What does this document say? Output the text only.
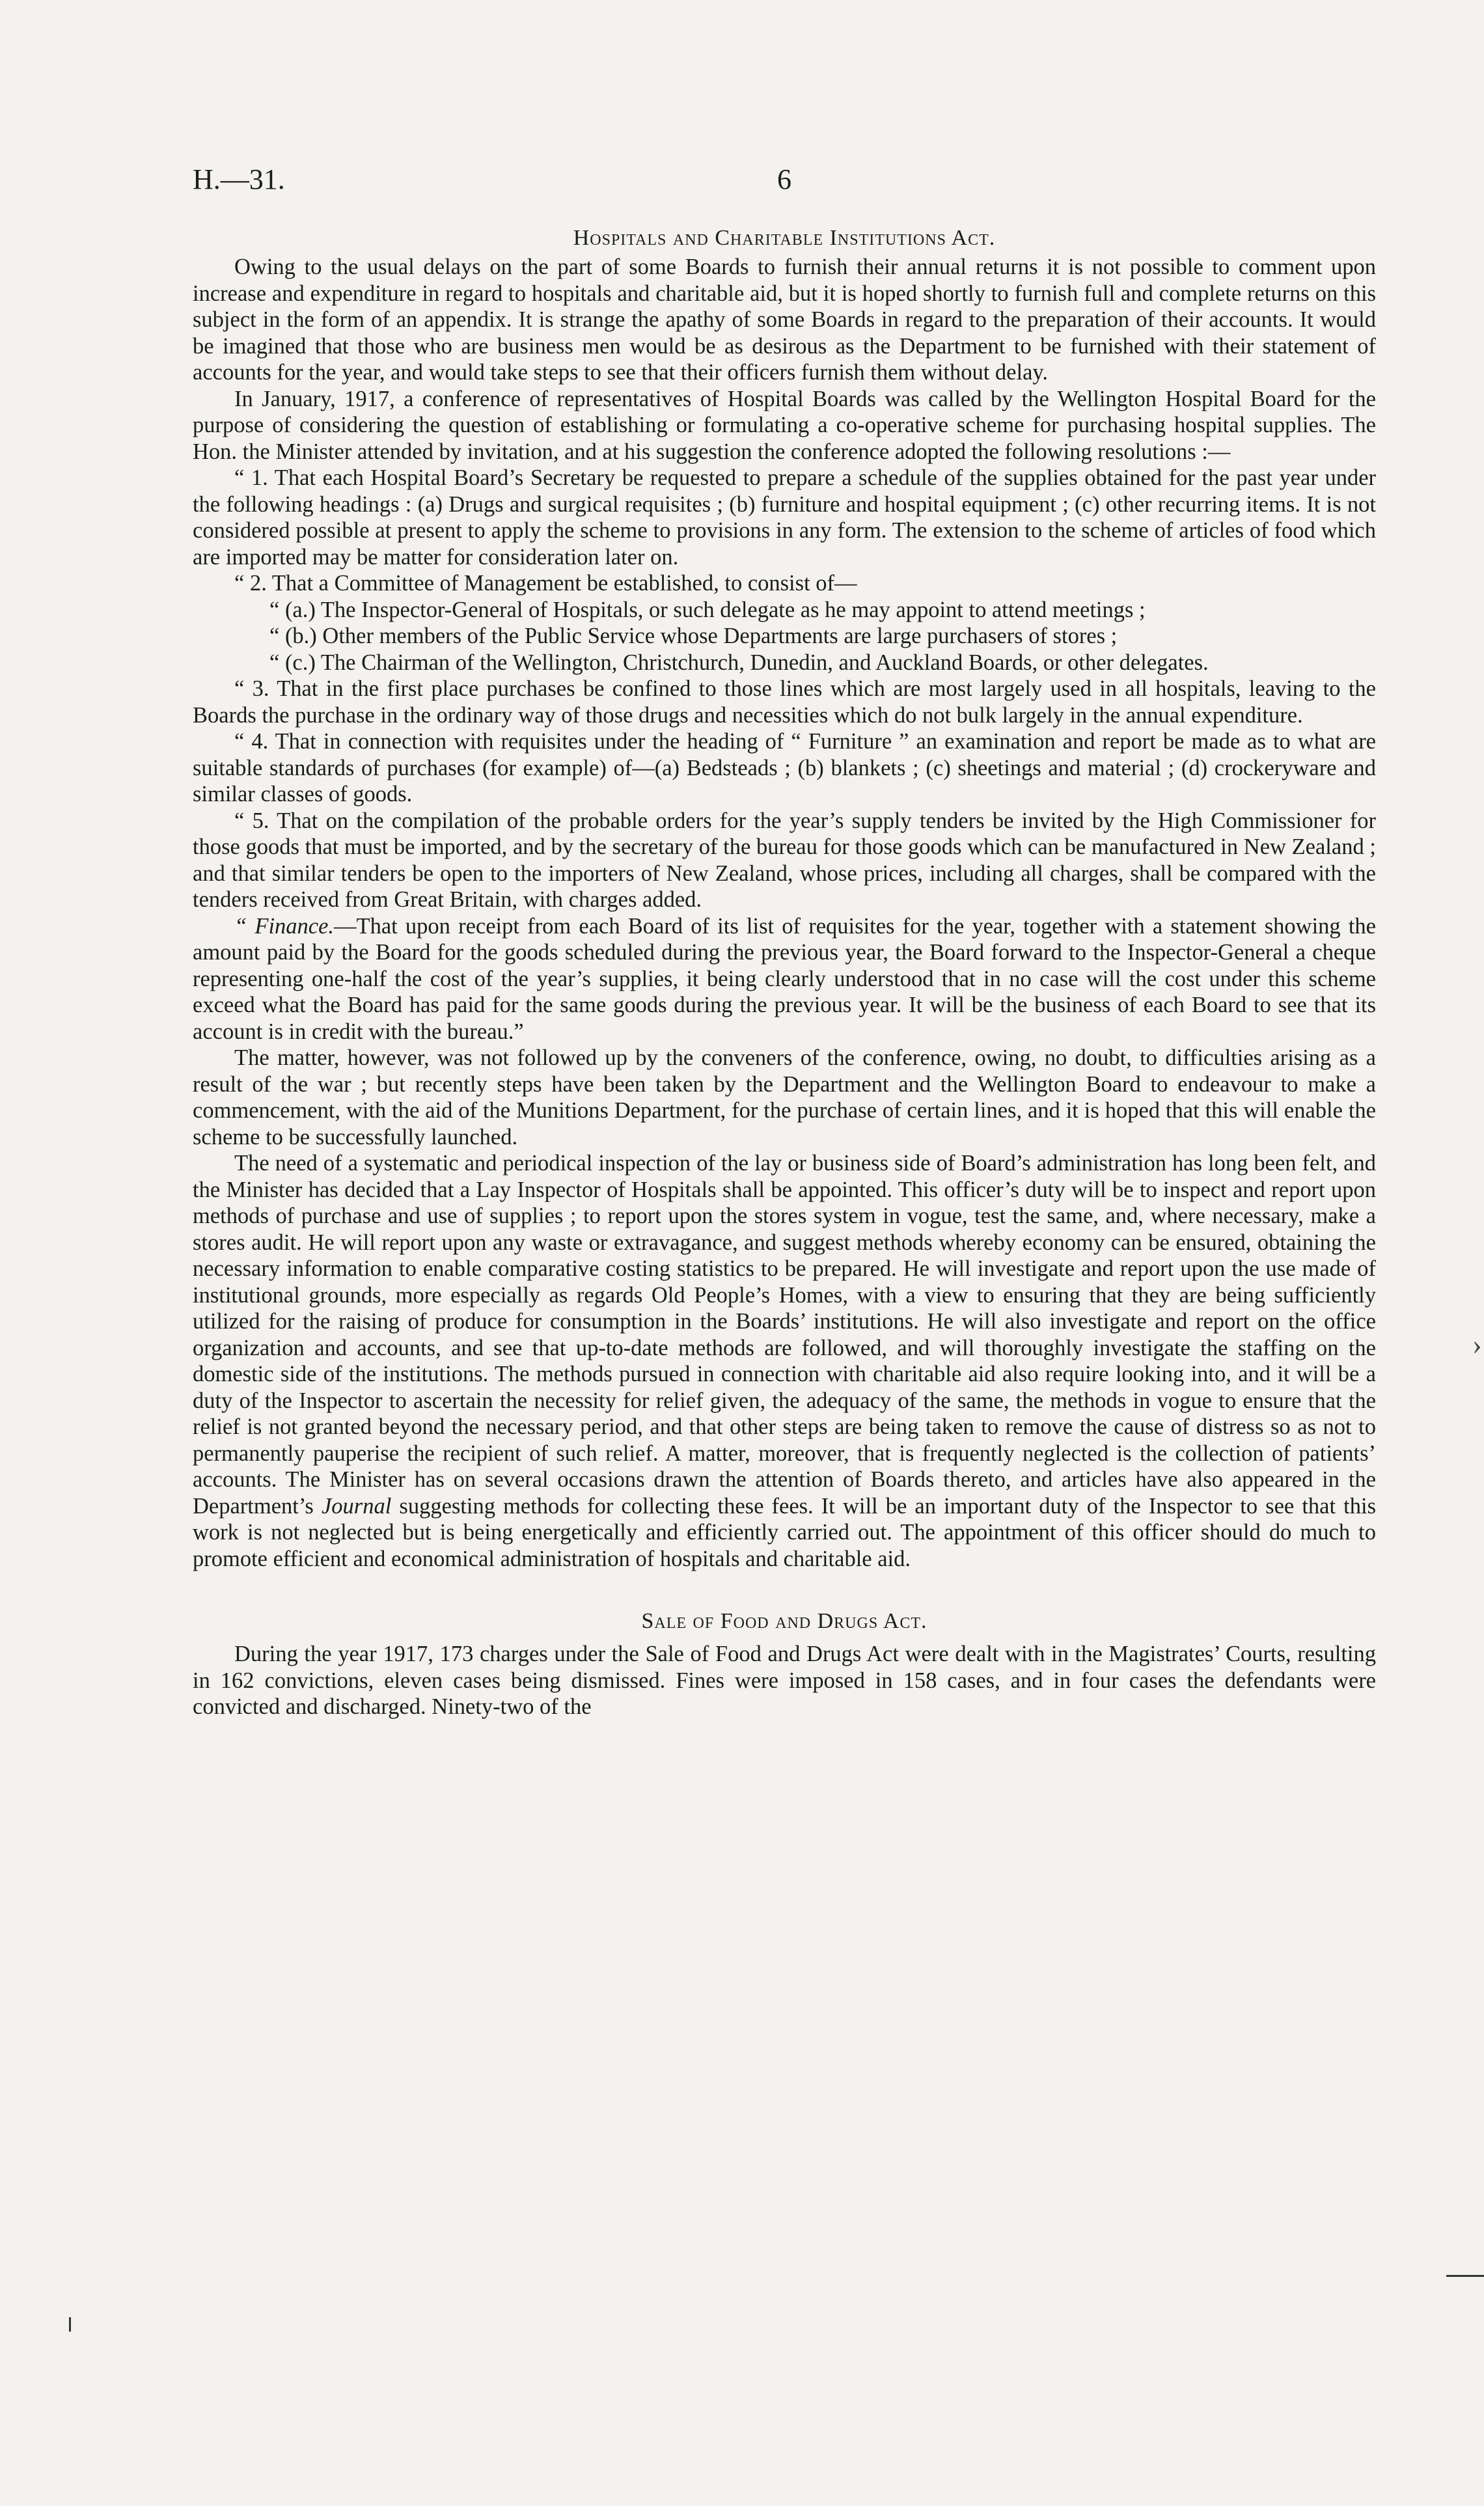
H.—31.	6
Hospitals and Charitable Institutions Act.

Owing to the usual delays on the part of some Boards to furnish their annual returns it is not possible to comment upon increase and expenditure in regard to hospitals and charitable aid, but it is hoped shortly to furnish full and complete returns on this subject in the form of an appendix. It is strange the apathy of some Boards in regard to the preparation of their accounts. It would be imagined that those who are business men would be as desirous as the Department to be furnished with their statement of accounts for the year, and would take steps to see that their officers furnish them without delay.

In January, 1917, a conference of representatives of Hospital Boards was called by the Wellington Hospital Board for the purpose of considering the question of establishing or formulating a co-operative scheme for purchasing hospital supplies. The Hon. the Minister attended by invitation, and at his suggestion the conference adopted the following resolutions :—

“ 1. That each Hospital Board’s Secretary be requested to prepare a schedule of the supplies obtained for the past year under the following headings : (a) Drugs and surgical requisites ; (b) furniture and hospital equipment ; (c) other recurring items. It is not considered possible at present to apply the scheme to provisions in any form. The extension to the scheme of articles of food which are imported may be matter for consideration later on.

“ 2. That a Committee of Management be established, to consist of—

“ (a.) The Inspector-General of Hospitals, or such delegate as he may appoint to attend meetings ;

“ (b.) Other members of the Public Service whose Departments are large purchasers of stores ;

“ (c.) The Chairman of the Wellington, Christchurch, Dunedin, and Auckland Boards, or other delegates.

“ 3. That in the first place purchases be confined to those lines which are most largely used in all hospitals, leaving to the Boards the purchase in the ordinary way of those drugs and necessities which do not bulk largely in the annual expenditure.

“ 4. That in connection with requisites under the heading of “ Furniture ” an examination and report be made as to what are suitable standards of purchases (for example) of—(a) Bedsteads ; (b) blankets ; (c) sheetings and material ; (d) crockeryware and similar classes of goods.

“ 5. That on the compilation of the probable orders for the year’s supply tenders be invited by the High Commissioner for those goods that must be imported, and by the secretary of the bureau for those goods which can be manufactured in New Zealand ; and that similar tenders be open to the importers of New Zealand, whose prices, including all charges, shall be compared with the tenders received from Great Britain, with charges added.

“ Finance.—That upon receipt from each Board of its list of requisites for the year, together with a statement showing the amount paid by the Board for the goods scheduled during the previous year, the Board forward to the Inspector-General a cheque representing one-half the cost of the year’s supplies, it being clearly understood that in no case will the cost under this scheme exceed what the Board has paid for the same goods during the previous year. It will be the business of each Board to see that its account is in credit with the bureau.”

The matter, however, was not followed up by the conveners of the conference, owing, no doubt, to difficulties arising as a result of the war ; but recently steps have been taken by the Department and the Wellington Board to endeavour to make a commencement, with the aid of the Munitions Department, for the purchase of certain lines, and it is hoped that this will enable the scheme to be successfully launched.

The need of a systematic and periodical inspection of the lay or business side of Board’s administration has long been felt, and the Minister has decided that a Lay Inspector of Hospitals shall be appointed. This officer’s duty will be to inspect and report upon methods of purchase and use of supplies ; to report upon the stores system in vogue, test the same, and, where necessary, make a stores audit. He will report upon any waste or extravagance, and suggest methods whereby economy can be ensured, obtaining the necessary information to enable comparative costing statistics to be prepared. He will investigate and report upon the use made of institutional grounds, more especially as regards Old People’s Homes, with a view to ensuring that they are being sufficiently utilized for the raising of produce for consumption in the Boards’ institutions. He will also investigate and report on the office organization and accounts, and see that up-to-date methods are followed, and will thoroughly investigate the staffing on the domestic side of the institutions. The methods pursued in connection with charitable aid also require looking into, and it will be a duty of the Inspector to ascertain the necessity for relief given, the adequacy of the same, the methods in vogue to ensure that the relief is not granted beyond the necessary period, and that other steps are being taken to remove the cause of distress so as not to permanently pauperise the recipient of such relief. A matter, moreover, that is frequently neglected is the collection of patients’ accounts. The Minister has on several occasions drawn the attention of Boards thereto, and articles have also appeared in the Department’s Journal suggesting methods for collecting these fees. It will be an important duty of the Inspector to see that this work is not neglected but is being energetically and efficiently carried out. The appointment of this officer should do much to promote efficient and economical administration of hospitals and charitable aid.

Sale of Food and Drugs Act.

During the year 1917, 173 charges under the Sale of Food and Drugs Act were dealt with in the Magistrates’ Courts, resulting in 162 convictions, eleven cases being dismissed. Fines were imposed in 158 cases, and in four cases the defendants were convicted and discharged. Ninety-two of the

›
